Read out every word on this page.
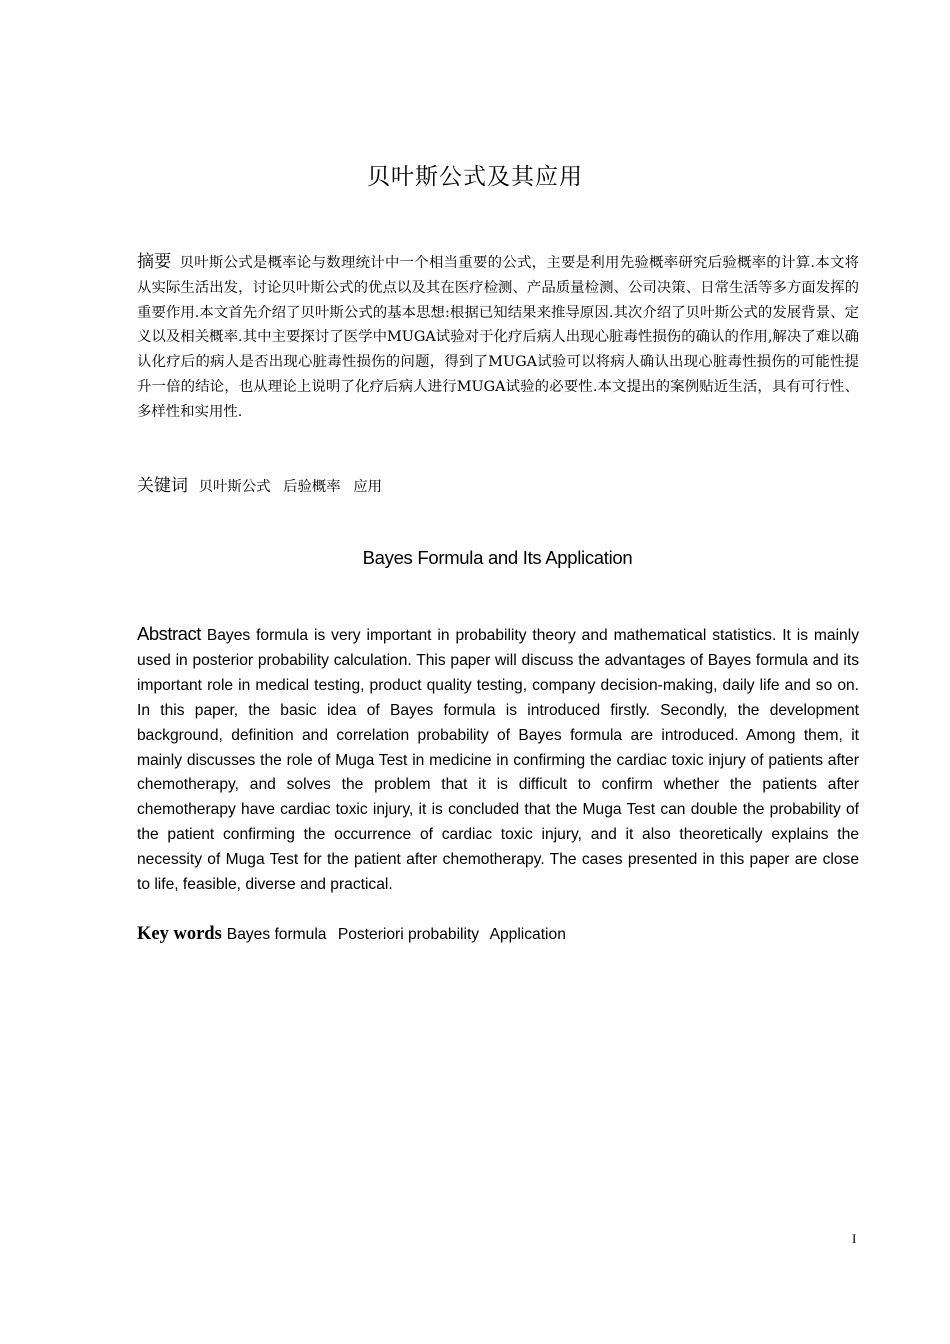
贝叶斯公式及其应用
摘要 贝叶斯公式是概率论与数理统计中一个相当重要的公式，主要是利用先验概率研究后验概率的计算.本文将从实际生活出发，讨论贝叶斯公式的优点以及其在医疗检测、产品质量检测、公司决策、日常生活等多方面发挥的重要作用.本文首先介绍了贝叶斯公式的基本思想:根据已知结果来推导原因.其次介绍了贝叶斯公式的发展背景、定义以及相关概率.其中主要探讨了医学中MUGA试验对于化疗后病人出现心脏毒性损伤的确认的作用,解决了难以确认化疗后的病人是否出现心脏毒性损伤的问题，得到了MUGA试验可以将病人确认出现心脏毒性损伤的可能性提升一倍的结论，也从理论上说明了化疗后病人进行MUGA试验的必要性.本文提出的案例贴近生活，具有可行性、多样性和实用性.
关键词 贝叶斯公式 后验概率 应用
Bayes Formula and Its Application
Abstract Bayes formula is very important in probability theory and mathematical statistics. It is mainly used in posterior probability calculation. This paper will discuss the advantages of Bayes formula and its important role in medical testing, product quality testing, company decision-making, daily life and so on. In this paper, the basic idea of Bayes formula is introduced firstly. Secondly, the development background, definition and correlation probability of Bayes formula are introduced. Among them, it mainly discusses the role of Muga Test in medicine in confirming the cardiac toxic injury of patients after chemotherapy, and solves the problem that it is difficult to confirm whether the patients after chemotherapy have cardiac toxic injury, it is concluded that the Muga Test can double the probability of the patient confirming the occurrence of cardiac toxic injury, and it also theoretically explains the necessity of Muga Test for the patient after chemotherapy. The cases presented in this paper are close to life, feasible, diverse and practical.
Key words Bayes formula Posteriori probability Application
I
